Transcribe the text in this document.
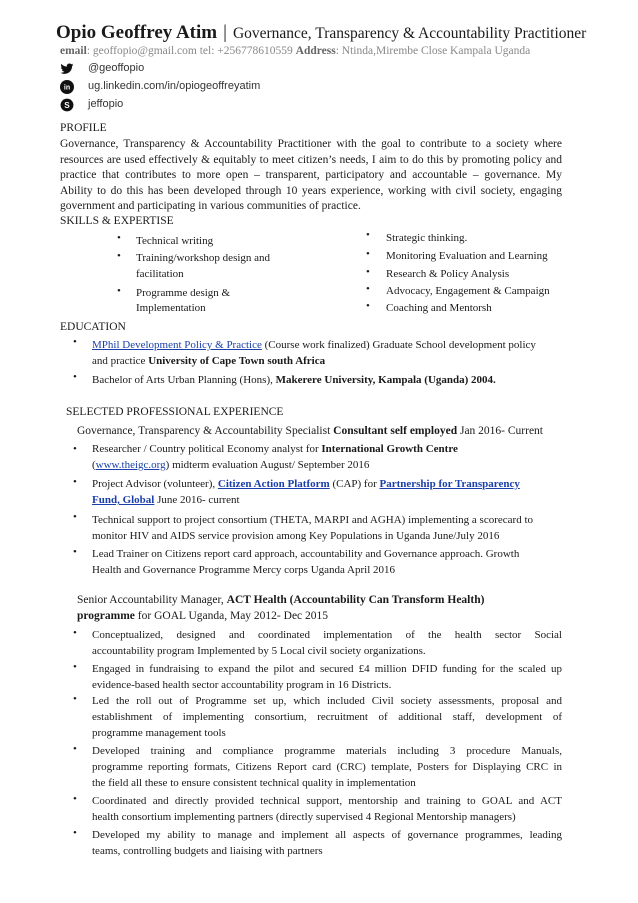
Opio Geoffrey Atim | Governance, Transparency & Accountability Practitioner
email: geoffopio@gmail.com tel: +256778610559 Address: Ntinda,Mirembe Close Kampala Uganda
@geoffopio
in ug.linkedin.com/in/opiogeoffreyatim
S jeffopio
PROFILE
Governance, Transparency & Accountability Practitioner with the goal to contribute to a society where
resources are used effectively & equitably to meet citizen’s needs, I aim to do this by promoting policy and
practice that contributes to more open – transparent, participatory and accountable – governance. My
Ability to do this has been developed through 10 years experience, working with civil society, engaging
government and participating in various communities of practice.
SKILLS & EXPERTISE
• Technical writing
• Training/workshop design and
facilitation
• Programme design &
Implementation
• Strategic thinking.
• Monitoring Evaluation and Learning
• Research & Policy Analysis
• Advocacy, Engagement & Campaign
• Coaching and Mentorsh
EDUCATION
• MPhil Development Policy & Practice (Course work finalized) Graduate School development policy
and practice University of Cape Town south Africa
• Bachelor of Arts Urban Planning (Hons), Makerere University, Kampala (Uganda) 2004.
SELECTED PROFESSIONAL EXPERIENCE
Governance, Transparency & Accountability Specialist Consultant self employed Jan 2016- Current
• Researcher / Country political Economy analyst for International Growth Centre
(www.theigc.org) midterm evaluation August/ September 2016
• Project Advisor (volunteer), Citizen Action Platform (CAP) for Partnership for Transparency
Fund, Global June 2016- current
• Technical support to project consortium (THETA, MARPI and AGHA) implementing a scorecard to
monitor HIV and AIDS service provision among Key Populations in Uganda June/July 2016
• Lead Trainer on Citizens report card approach, accountability and Governance approach. Growth
Health and Governance Programme Mercy corps Uganda April 2016
Senior Accountability Manager, ACT Health (Accountability Can Transform Health)
programme for GOAL Uganda, May 2012- Dec 2015
• Conceptualized, designed and coordinated implementation of the health sector Social
accountability program Implemented by 5 Local civil society organizations.
• Engaged in fundraising to expand the pilot and secured £4 million DFID funding for the scaled up
evidence-based health sector accountability program in 16 Districts.
• Led the roll out of Programme set up, which included Civil society assessments, proposal and
establishment of implementing consortium, recruitment of additional staff, development of
programme management tools
• Developed training and compliance programme materials including 3 procedure Manuals,
programme reporting formats, Citizens Report card (CRC) template, Posters for Displaying CRC in
the field all these to ensure consistent technical quality in implementation
• Coordinated and directly provided technical support, mentorship and training to GOAL and ACT
health consortium implementing partners (directly supervised 4 Regional Mentorship managers)
• Developed my ability to manage and implement all aspects of governance programmes, leading
teams, controlling budgets and liaising with partners
